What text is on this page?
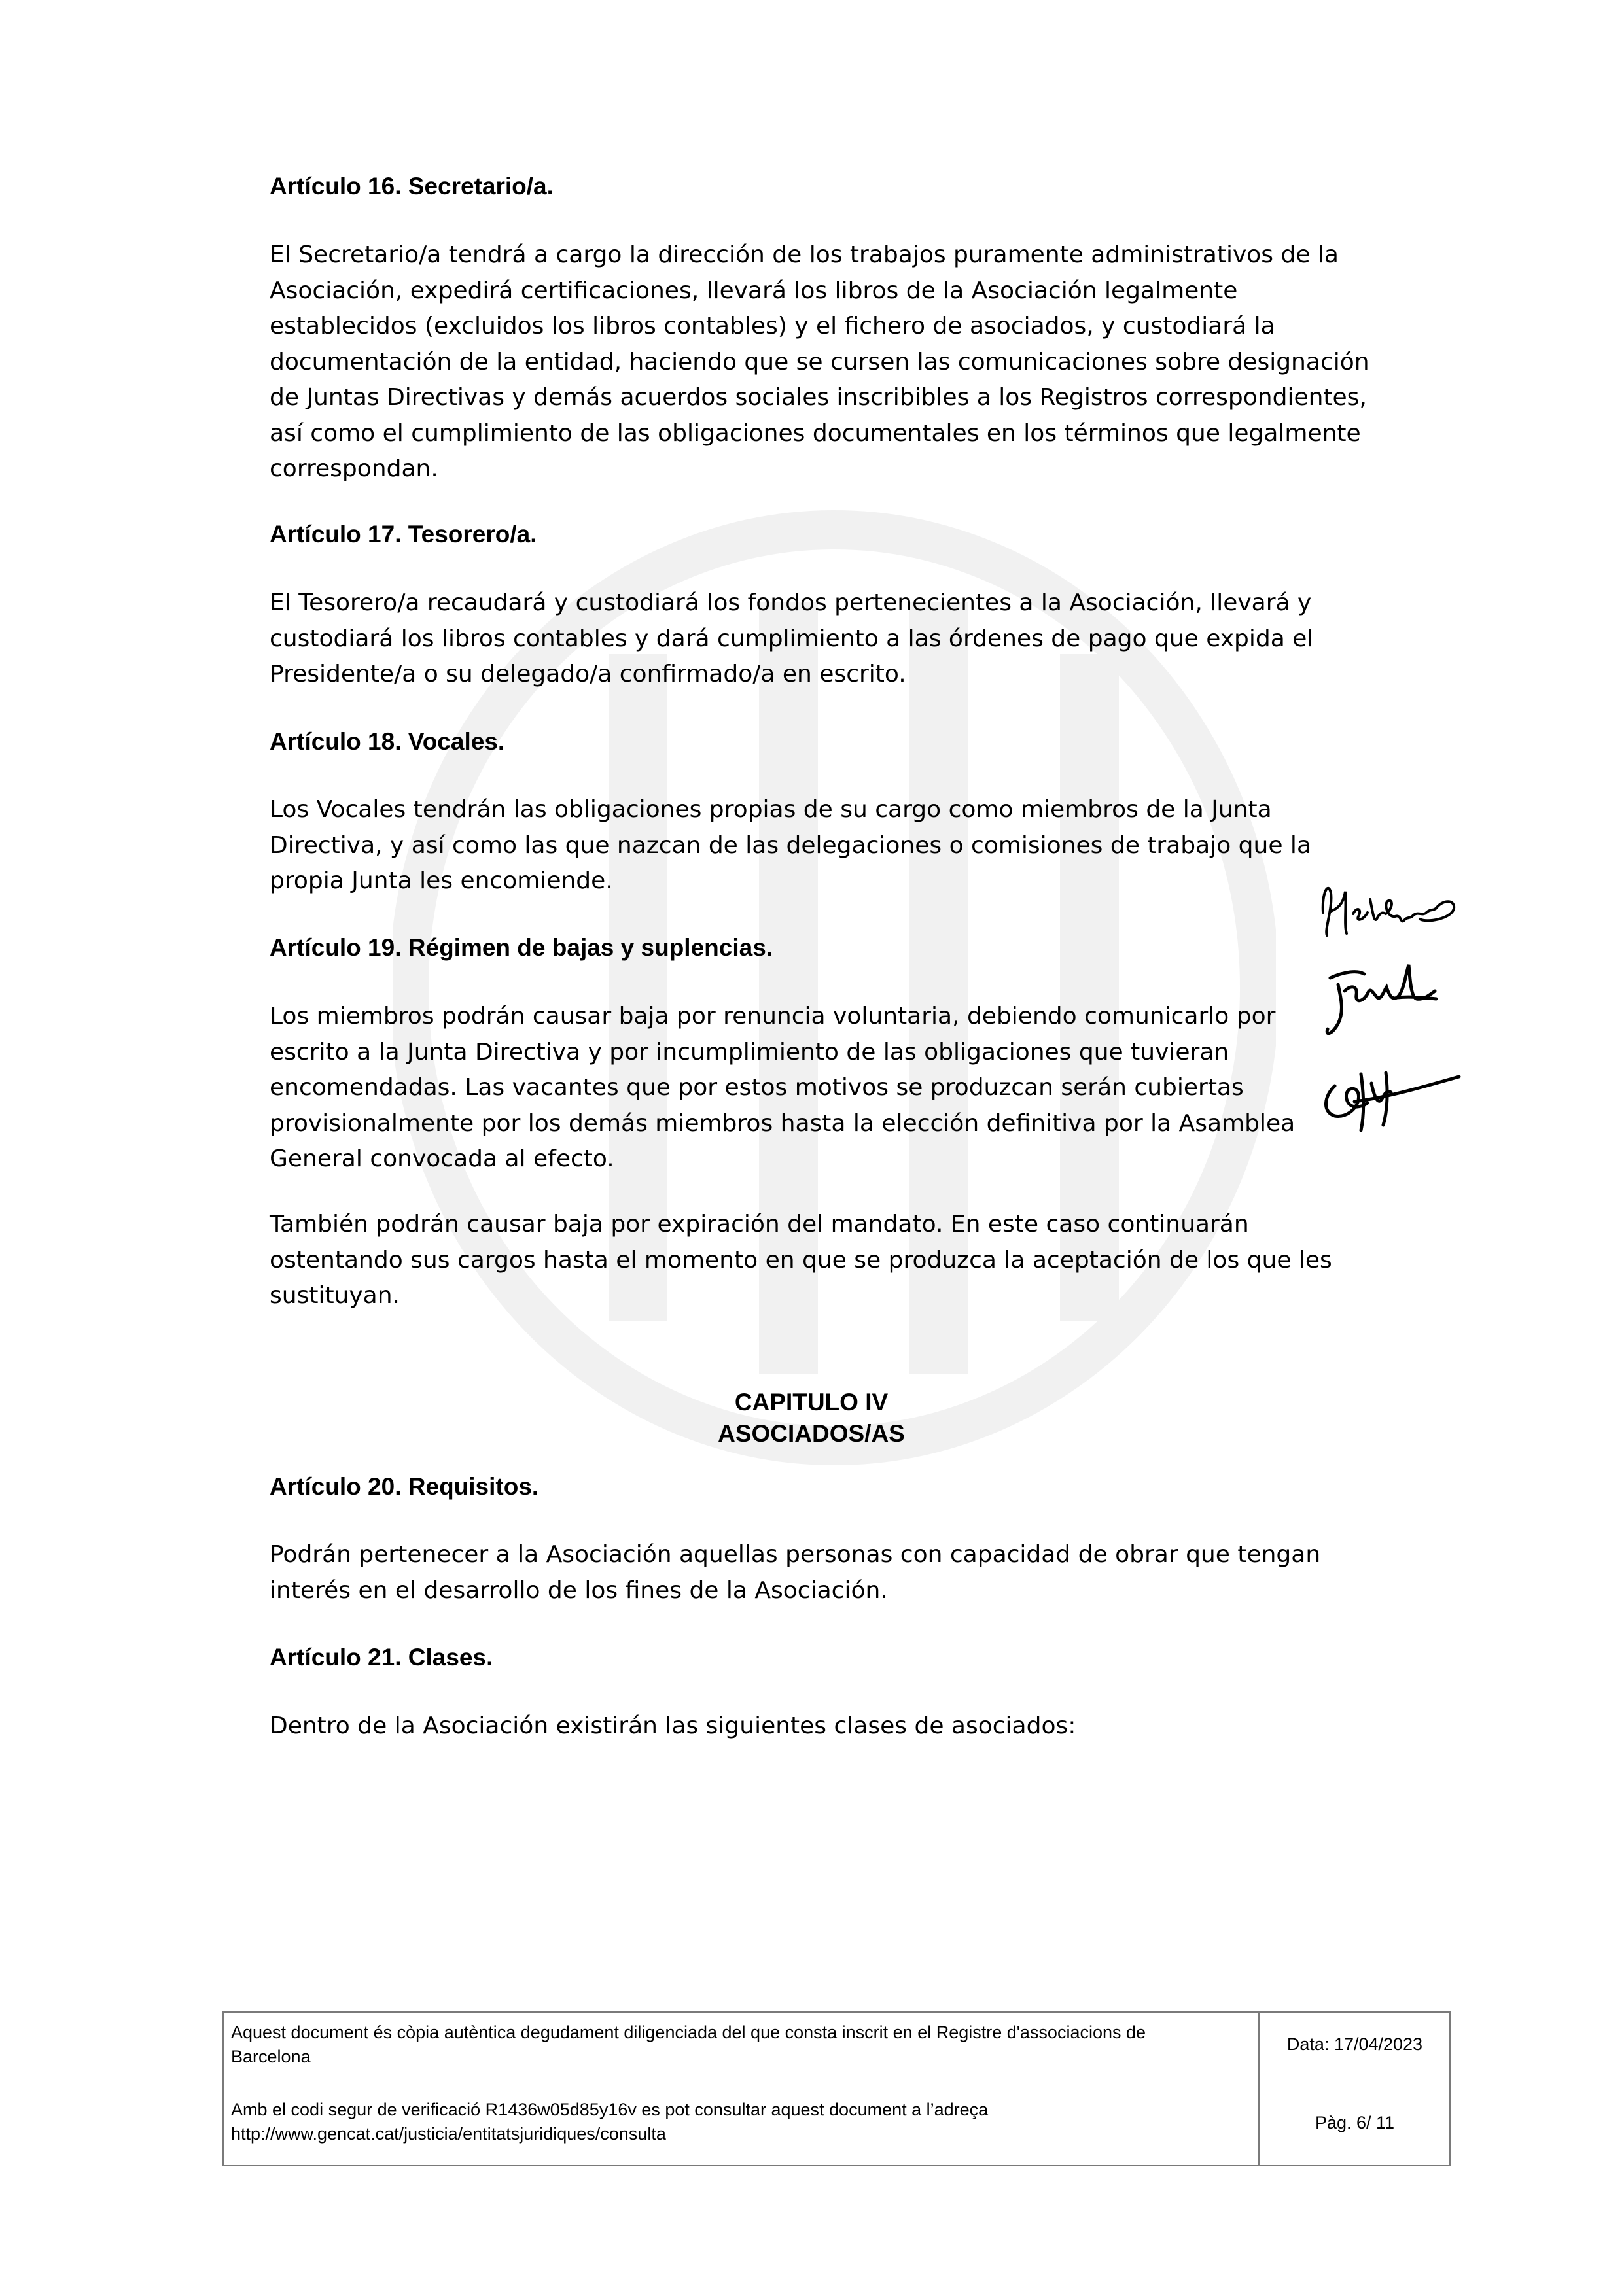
Artículo 16. Secretario/a.
El Secretario/a tendrá a cargo la dirección de los trabajos puramente administrativos de la
Asociación, expedirá certificaciones, llevará los libros de la Asociación legalmente
establecidos (excluidos los libros contables) y el fichero de asociados, y custodiará la
documentación de la entidad, haciendo que se cursen las comunicaciones sobre designación
de Juntas Directivas y demás acuerdos sociales inscribibles a los Registros correspondientes,
así como el cumplimiento de las obligaciones documentales en los términos que legalmente
correspondan.
Artículo 17. Tesorero/a.
El Tesorero/a recaudará y custodiará los fondos pertenecientes a la Asociación, llevará y
custodiará los libros contables y dará cumplimiento a las órdenes de pago que expida el
Presidente/a o su delegado/a confirmado/a en escrito.
Artículo 18. Vocales.
Los Vocales tendrán las obligaciones propias de su cargo como miembros de la Junta
Directiva, y así como las que nazcan de las delegaciones o comisiones de trabajo que la
propia Junta les encomiende.
Artículo 19. Régimen de bajas y suplencias.
Los miembros podrán causar baja por renuncia voluntaria, debiendo comunicarlo por
escrito a la Junta Directiva y por incumplimiento de las obligaciones que tuvieran
encomendadas. Las vacantes que por estos motivos se produzcan serán cubiertas
provisionalmente por los demás miembros hasta la elección definitiva por la Asamblea
General convocada al efecto.
También podrán causar baja por expiración del mandato. En este caso continuarán
ostentando sus cargos hasta el momento en que se produzca la aceptación de los que les
sustituyan.
CAPITULO IV
ASOCIADOS/AS
Artículo 20. Requisitos.
Podrán pertenecer a la Asociación aquellas personas con capacidad de obrar que tengan
interés en el desarrollo de los fines de la Asociación.
Artículo 21. Clases.
Dentro de la Asociación existirán las siguientes clases de asociados:
Aquest document és còpia autèntica degudament diligenciada del que consta inscrit en el Registre d'associacions de
Barcelona
Amb el codi segur de verificació R1436w05d85y16v es pot consultar aquest document a l’adreça
http://www.gencat.cat/justicia/entitatsjuridiques/consulta
Data: 17/04/2023
Pàg. 6/ 11
